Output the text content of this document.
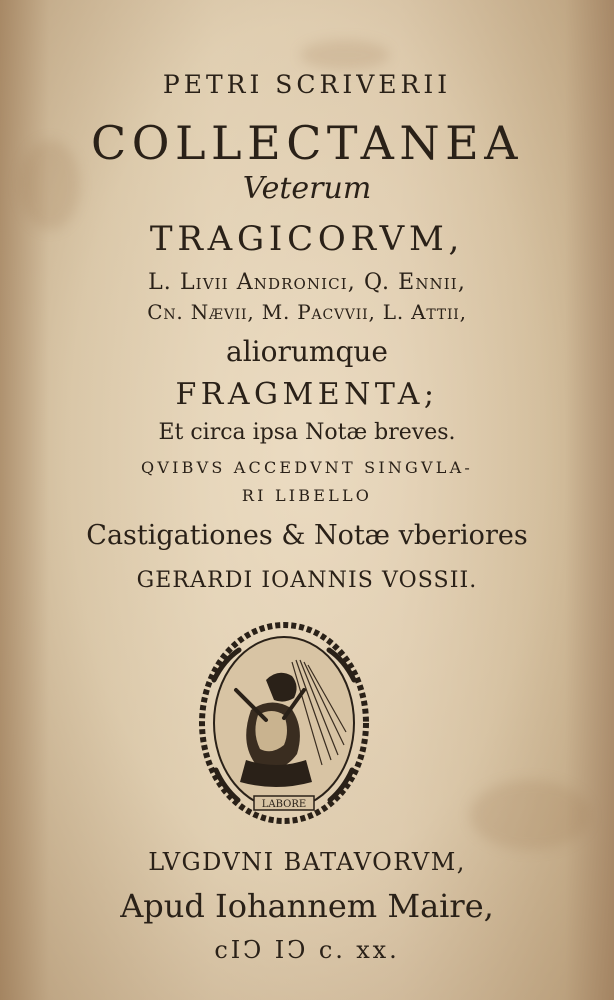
PETRI SCRIVERII
COLLECTANEA
Veterum
TRAGICORVM,
L. Livii Andronici, Q. Ennii,
Cn. Nævii, M. Pacvvii, L. Attii,
aliorumque
FRAGMENTA;
Et circa ipsa Notæ breves.
QVIBVS ACCEDVNT SINGVLA-
RI LIBELLO
Castigationes & Notæ vberiores
GERARDI IOANNIS VOSSII.
LABORE
LVGDVNI BATAVORVM,
Apud Iohannem Maire,
cIↃ IↃ c. xx.
